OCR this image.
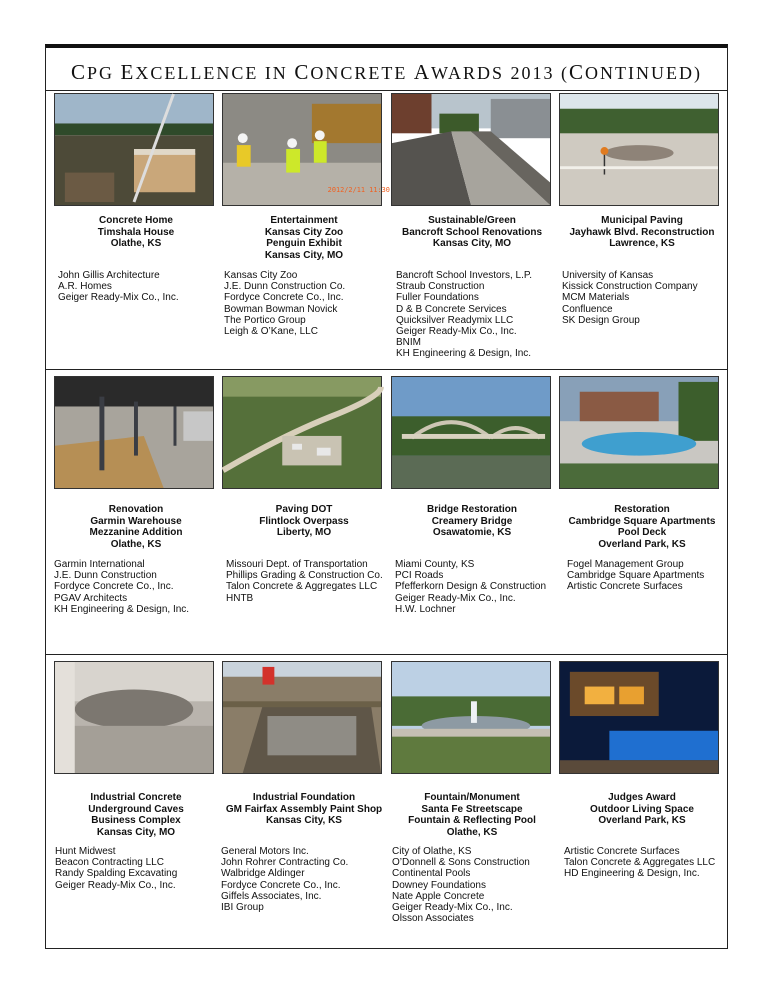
CPG EXCELLENCE IN CONCRETE AWARDS 2013 (CONTINUED)
2012/2/11 11:30
Concrete Home
Timshala House
Olathe, KS
Entertainment
Kansas City Zoo
Penguin Exhibit
Kansas City, MO
Sustainable/Green
Bancroft School Renovations
Kansas City, MO
Municipal Paving
Jayhawk Blvd. Reconstruction
Lawrence, KS
John Gillis Architecture
A.R. Homes
Geiger Ready-Mix Co., Inc.
Kansas City Zoo
J.E. Dunn Construction Co.
Fordyce Concrete Co., Inc.
Bowman Bowman Novick
The Portico Group
Leigh & O’Kane, LLC
Bancroft School Investors, L.P.
Straub Construction
Fuller Foundations
D & B Concrete Services
Quicksilver Readymix LLC
Geiger Ready-Mix Co., Inc.
BNIM
KH Engineering & Design, Inc.
University of Kansas
Kissick Construction Company
MCM Materials
Confluence
SK Design Group
Renovation
Garmin Warehouse
Mezzanine Addition
Olathe, KS
Paving DOT
Flintlock Overpass
Liberty, MO
Bridge Restoration
Creamery Bridge
Osawatomie, KS
Restoration
Cambridge Square Apartments
Pool Deck
Overland Park, KS
Garmin International
J.E. Dunn Construction
Fordyce Concrete Co., Inc.
PGAV Architects
KH Engineering & Design, Inc.
Missouri Dept. of Transportation
Phillips Grading & Construction Co.
Talon Concrete & Aggregates LLC
HNTB
Miami County, KS
PCI Roads
Pfefferkorn Design & Construction
Geiger Ready-Mix Co., Inc.
H.W. Lochner
Fogel Management Group
Cambridge Square Apartments
Artistic Concrete Surfaces
Industrial Concrete
Underground Caves
Business Complex
Kansas City, MO
Industrial Foundation
GM Fairfax Assembly Paint Shop
Kansas City, KS
Fountain/Monument
Santa Fe Streetscape
Fountain & Reflecting Pool
Olathe, KS
Judges Award
Outdoor Living Space
Overland Park, KS
Hunt Midwest
Beacon Contracting LLC
Randy Spalding Excavating
Geiger Ready-Mix Co., Inc.
General Motors Inc.
John Rohrer Contracting Co.
Walbridge Aldinger
Fordyce Concrete Co., Inc.
Giffels Associates, Inc.
IBI Group
City of Olathe, KS
O’Donnell & Sons Construction
Continental Pools
Downey Foundations
Nate Apple Concrete
Geiger Ready-Mix Co., Inc.
Olsson Associates
Artistic Concrete Surfaces
Talon Concrete & Aggregates LLC
HD Engineering & Design, Inc.
